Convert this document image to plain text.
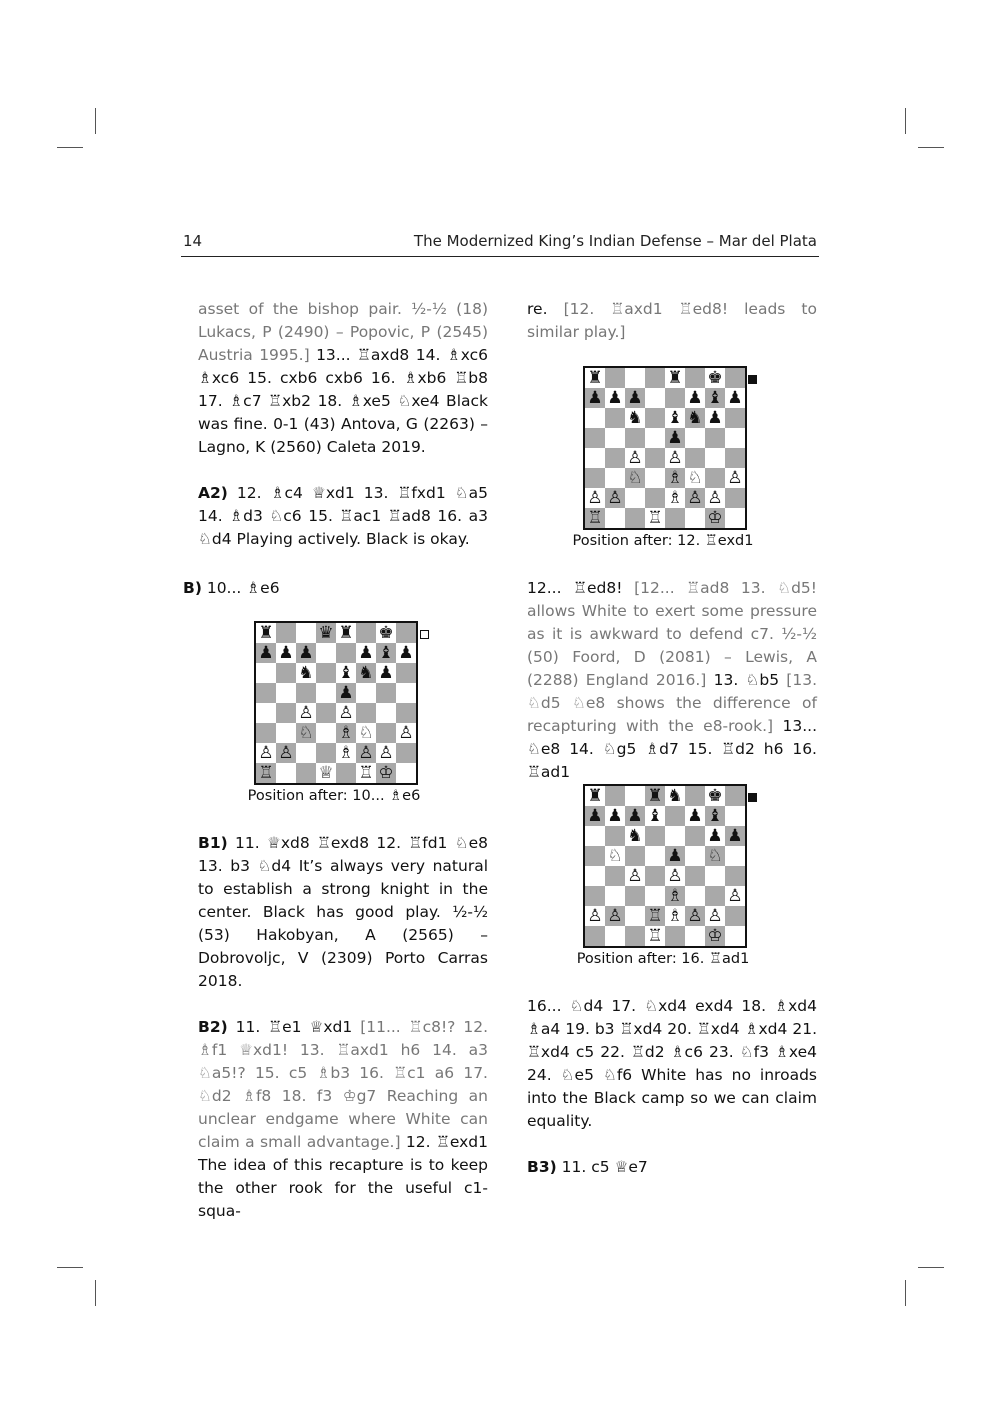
14	The Modernized King’s Indian Defense – Mar del Plata

asset of the bishop pair. ½-½ (18) Lukacs, P (2490) – Popovic, P (2545) Austria 1995.] 13... ♖axd8 14. ♗xc6 ♗xc6 15. cxb6 cxb6 16. ♗xb6 ♖b8 17. ♗c7 ♖xb2 18. ♗xe5 ♘xe4 Black was fine. 0-1 (43) Antova, G (2263) – Lagno, K (2560) Caleta 2019.

A2) 12. ♗c4 ♕xd1 13. ♖fxd1 ♘a5 14. ♗d3 ♘c6 15. ♖ac1 ♖ad8 16. a3 ♘d4 Playing actively. Black is okay.

B) 10... ♗e6

♜	♛ ♜ ♚
♟ ♟ ♟	♟ ♝ ♟
♞ ♝ ♞ ♟
♟
♙ ♙
♘ ♗ ♘ ♙
♙ ♙	♗ ♙ ♙
♖	♕ ♖ ♔
Position after: 10... ♗e6

B1) 11. ♕xd8 ♖exd8 12. ♖fd1 ♘e8 13. b3 ♘d4 It’s always very natural to establish a strong knight in the center. Black has good play. ½-½ (53) Hakobyan, A (2565) – Dobrovoljc, V (2309) Porto Carras 2018.

B2) 11. ♖e1 ♕xd1 [11... ♖c8!? 12. ♗f1 ♕xd1! 13. ♖axd1 h6 14. a3 ♘a5!? 15. c5 ♗b3 16. ♖c1 a6 17. ♘d2 ♗f8 18. f3 ♔g7 Reaching an unclear endgame where White can claim a small advantage.] 12. ♖exd1 The idea of this recapture is to keep the other rook for the useful c1-squa-

re. [12. ♖axd1 ♖ed8! leads to similar play.]

♜	♜ ♚
♟ ♟ ♟	♟ ♝ ♟
♞ ♝ ♞ ♟
♟
♙ ♙
♘ ♗ ♘ ♙
♙ ♙	♗ ♙ ♙
♖	♖	♔
Position after: 12. ♖exd1

12... ♖ed8! [12... ♖ad8 13. ♘d5! allows White to exert some pressure as it is awkward to defend c7. ½-½ (50) Foord, D (2081) – Lewis, A (2288) England 2016.] 13. ♘b5 [13. ♘d5 ♘e8 shows the difference of recapturing with the e8-rook.] 13... ♘e8 14. ♘g5 ♗d7 15. ♖d2 h6 16. ♖ad1

♜	♜ ♞ ♚
♟ ♟ ♟ ♝ ♟ ♝
♞	♟ ♟
♘	♟ ♘
♙ ♙
♗	♙
♙ ♙ ♖ ♗ ♙ ♙
♖	♔
Position after: 16. ♖ad1

16... ♘d4 17. ♘xd4 exd4 18. ♗xd4 ♗a4 19. b3 ♖xd4 20. ♖xd4 ♗xd4 21. ♖xd4 c5 22. ♖d2 ♗c6 23. ♘f3 ♗xe4 24. ♘e5 ♘f6 White has no inroads into the Black camp so we can claim equality.

B3) 11. c5 ♕e7
